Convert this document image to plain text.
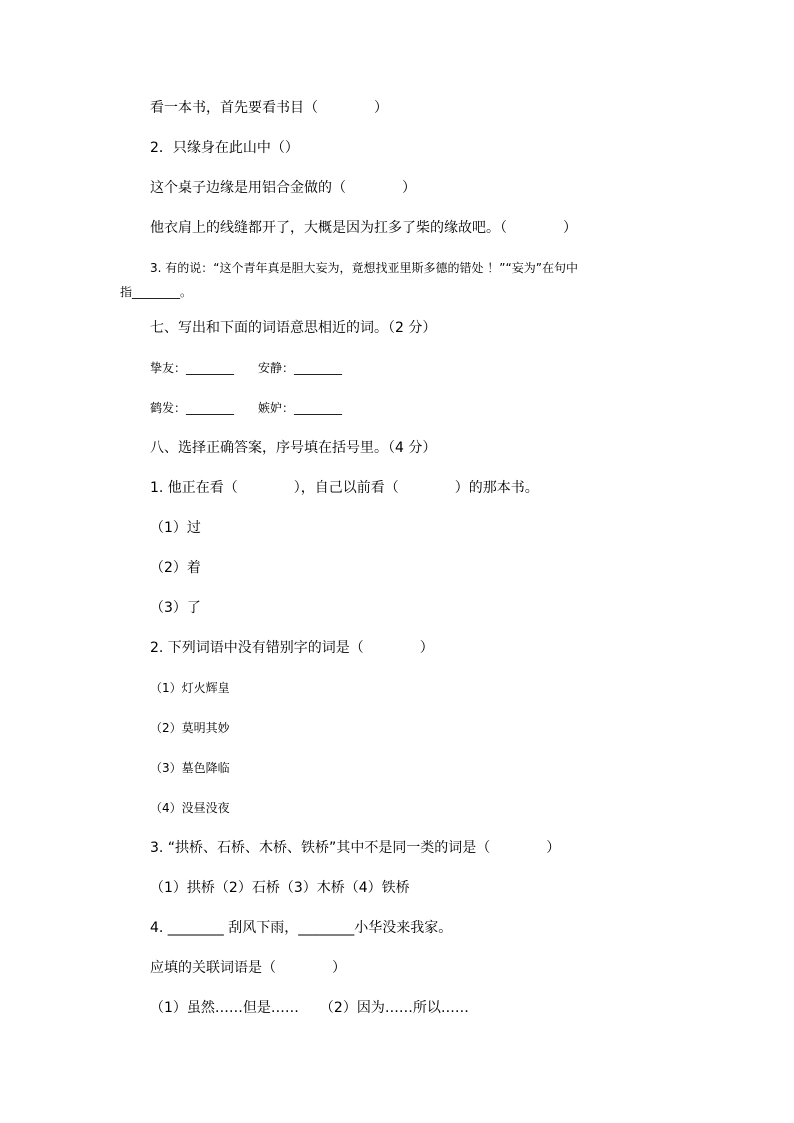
看一本书，首先要看书目（　　　　）
2．只缘身在此山中（）
这个桌子边缘是用铝合金做的（　　　　）
他衣肩上的线缝都开了，大概是因为扛多了柴的缘故吧。（　　　　）
3. 有的说：“这个青年真是胆大妄为，竟想找亚里斯多德的错处 ！”“妄为”在句中
指________。
七、写出和下面的词语意思相近的词。（2 分）
挚友：________　　安静：________
鹤发：________　　嫉妒：________
八、选择正确答案，序号填在括号里。（4 分）
1. 他正在看（　　　　），自己以前看（　　　　）的那本书。
（1）过
（2）着
（3）了
2. 下列词语中没有错别字的词是（　　　　）
（1）灯火辉皇
（2）莫明其妙
（3）墓色降临
（4）没昼没夜
3. “拱桥、石桥、木桥、铁桥”其中不是同一类的词是（　　　　）
（1）拱桥（2）石桥（3）木桥（4）铁桥
4. ________ 刮风下雨，________小华没来我家。
应填的关联词语是（　　　　）
（1）虽然……但是……　　（2）因为……所以……
